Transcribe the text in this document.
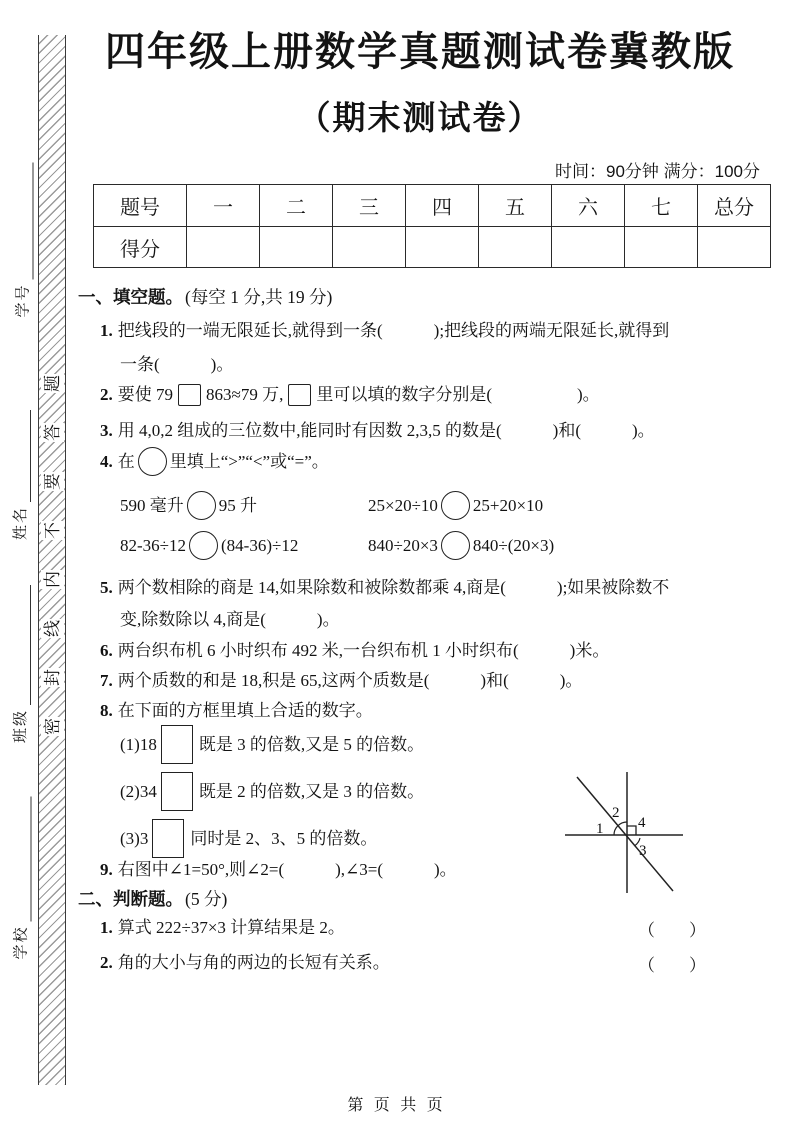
学号
姓名
班级
学校
题
答
要
不
内
线
封
密
四年级上册数学真题测试卷冀教版
（期末测试卷）
时间：90分钟 满分：100分
题号	一	二	三	四	五	六	七	总分
得分								
一、填空题。 (每空 1 分,共 19 分)
1. 把线段的一端无限延长,就得到一条(　　　);把线段的两端无限延长,就得到
一条(　　　)。
2. 要使 79 863≈79 万, 里可以填的数字分别是(　　　　　)。
3. 用 4,0,2 组成的三位数中,能同时有因数 2,3,5 的数是(　　　)和(　　　)。
4. 在 里填上“>”“<”或“=”。
590 毫升 95 升	25×20÷10 25+20×10
82-36÷12 (84-36)÷12	840÷20×3 840÷(20×3)
5. 两个数相除的商是 14,如果除数和被除数都乘 4,商是(　　　);如果被除数不
变,除数除以 4,商是(　　　)。
6. 两台织布机 6 小时织布 492 米,一台织布机 1 小时织布(　　　)米。
7. 两个质数的和是 18,积是 65,这两个质数是(　　　)和(　　　)。
8. 在下面的方框里填上合适的数字。
(1)18 既是 3 的倍数,又是 5 的倍数。
(2)34 既是 2 的倍数,又是 3 的倍数。
(3)3 同时是 2、3、5 的倍数。
9. 右图中∠1=50°,则∠2=(　　　),∠3=(　　　)。
1
2
4
3
二、判断题。 (5 分)
1. 算式 222÷37×3 计算结果是 2。	（　　）
2. 角的大小与角的两边的长短有关系。	（　　）
第 页 共 页
